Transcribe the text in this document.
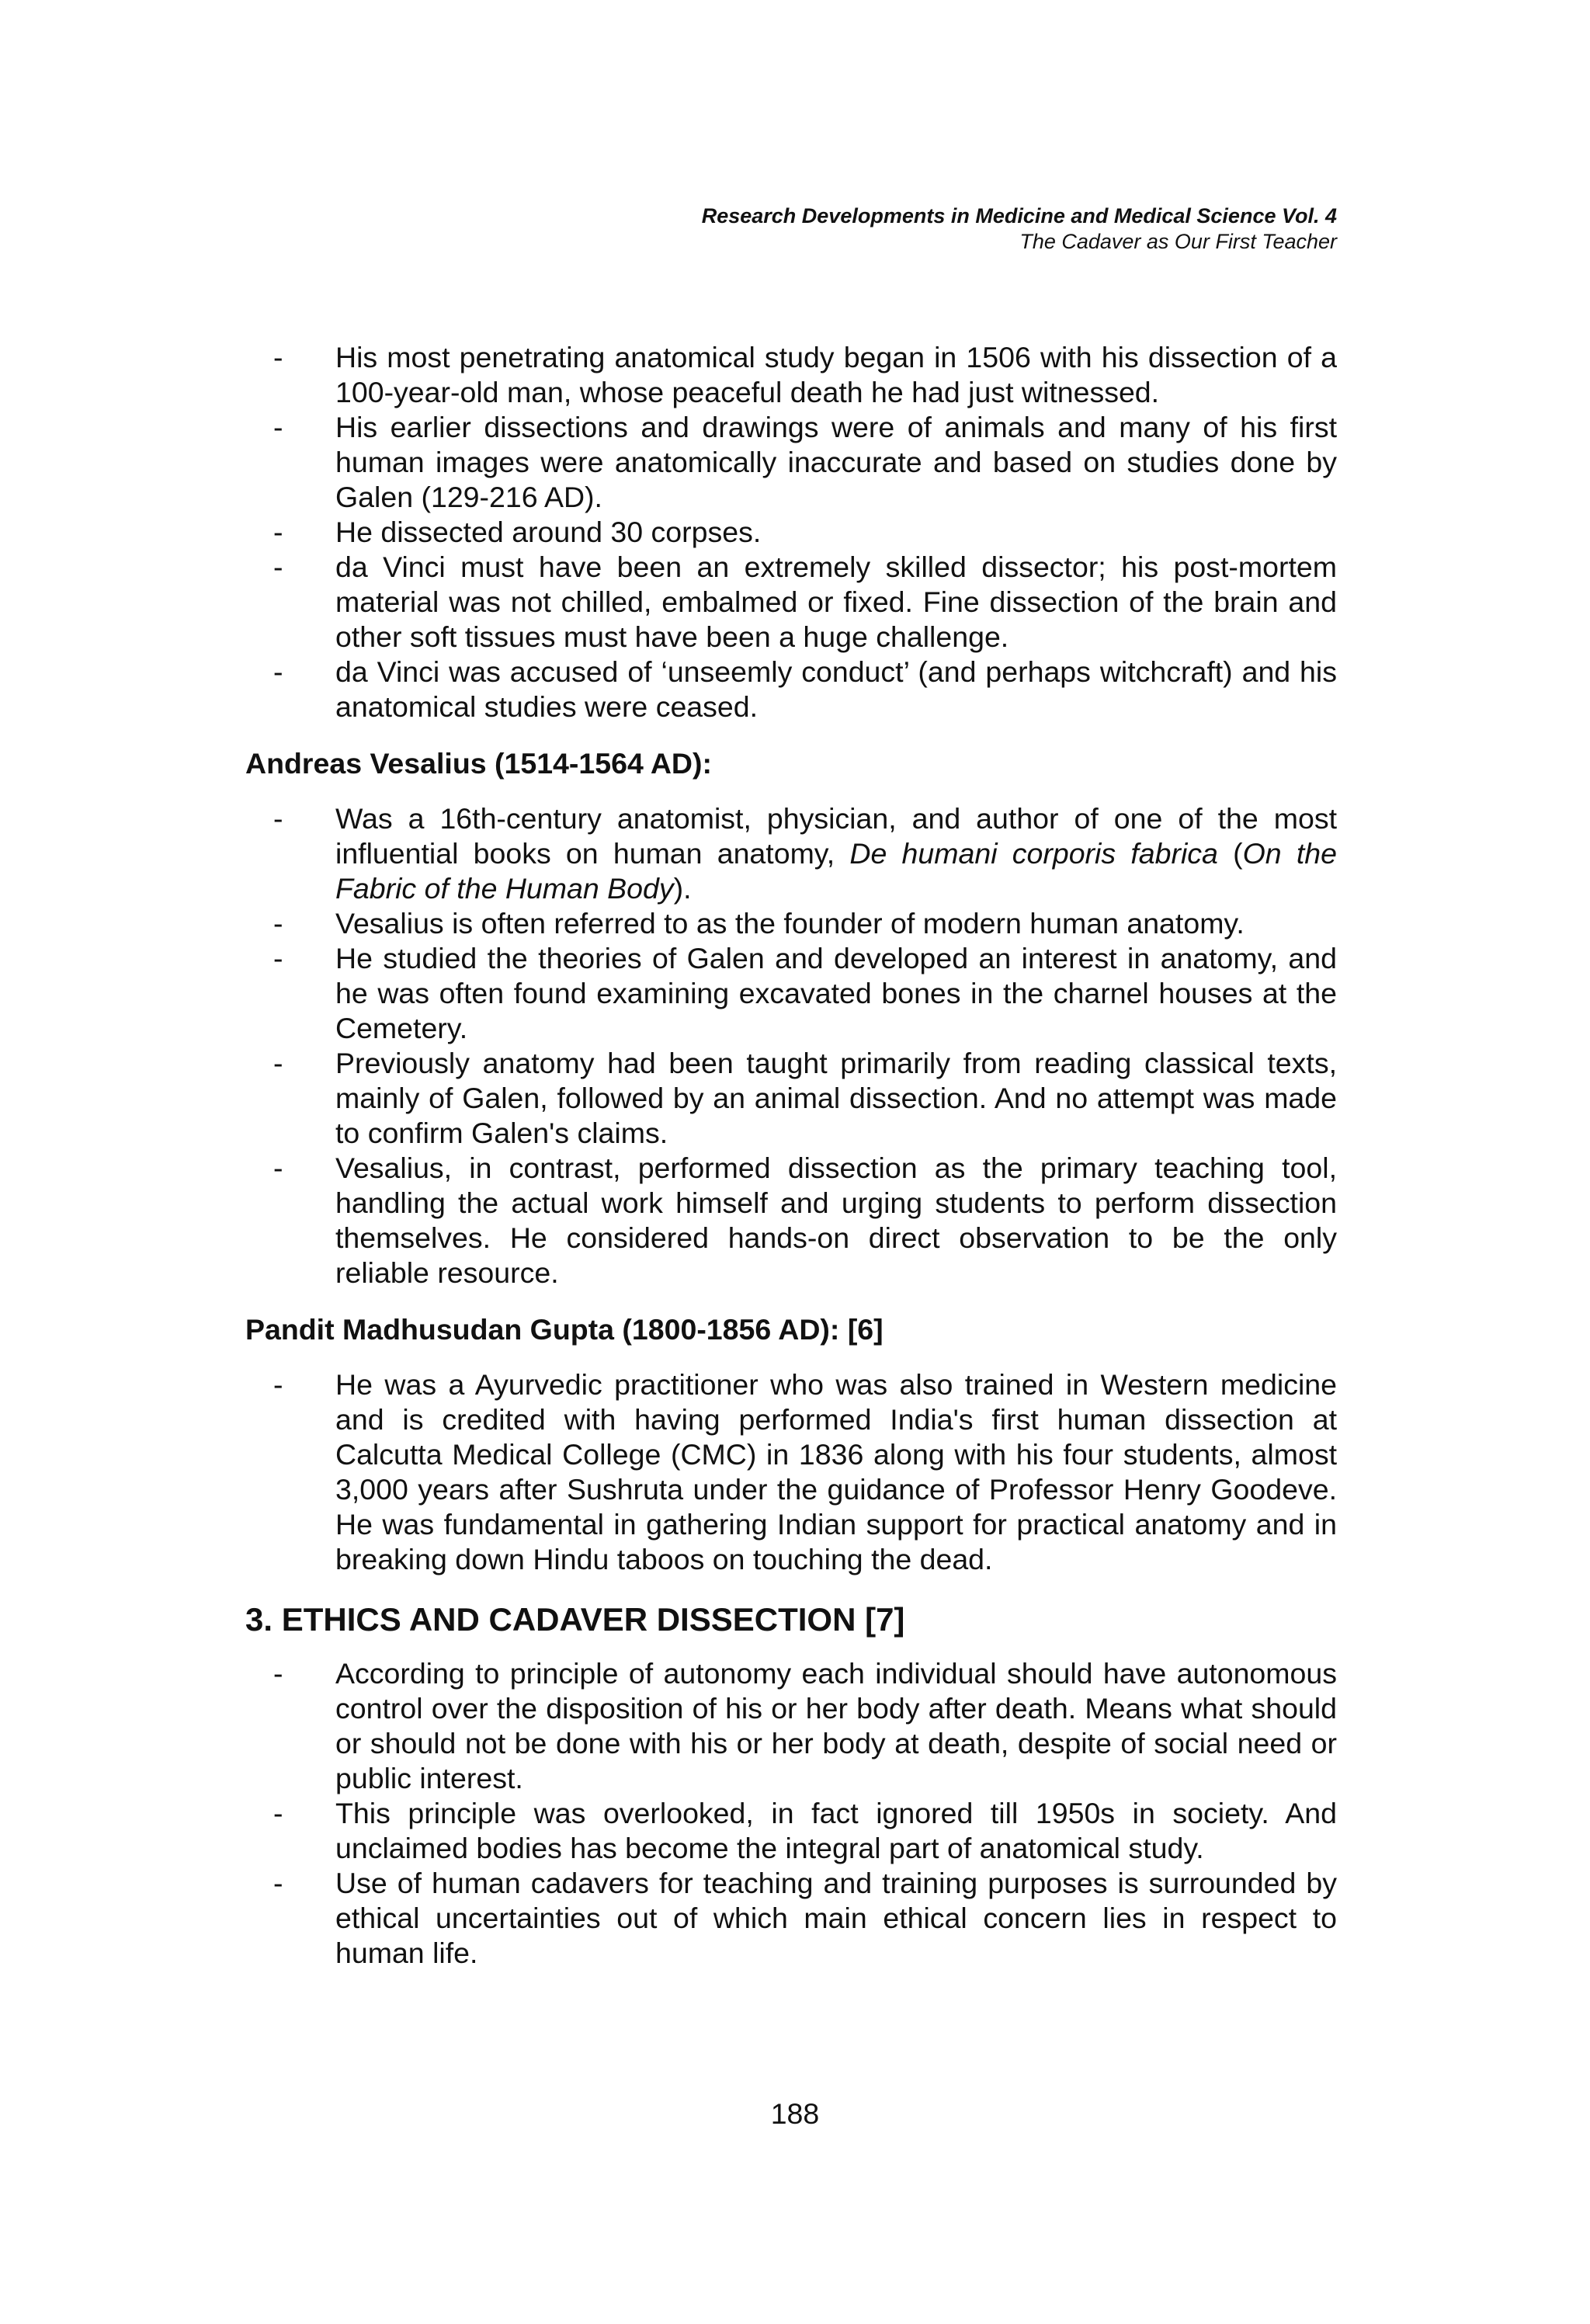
Research Developments in Medicine and Medical Science Vol. 4
The Cadaver as Our First Teacher
- His most penetrating anatomical study began in 1506 with his dissection of a 100-year-old man, whose peaceful death he had just witnessed.
- His earlier dissections and drawings were of animals and many of his first human images were anatomically inaccurate and based on studies done by Galen (129-216 AD).
- He dissected around 30 corpses.
- da Vinci must have been an extremely skilled dissector; his post-mortem material was not chilled, embalmed or fixed. Fine dissection of the brain and other soft tissues must have been a huge challenge.
- da Vinci was accused of ‘unseemly conduct’ (and perhaps witchcraft) and his anatomical studies were ceased.
Andreas Vesalius (1514-1564 AD):
- Was a 16th-century anatomist, physician, and author of one of the most influential books on human anatomy, De humani corporis fabrica (On the Fabric of the Human Body).
- Vesalius is often referred to as the founder of modern human anatomy.
- He studied the theories of Galen and developed an interest in anatomy, and he was often found examining excavated bones in the charnel houses at the Cemetery.
- Previously anatomy had been taught primarily from reading classical texts, mainly of Galen, followed by an animal dissection. And no attempt was made to confirm Galen's claims.
- Vesalius, in contrast, performed dissection as the primary teaching tool, handling the actual work himself and urging students to perform dissection themselves. He considered hands-on direct observation to be the only reliable resource.
Pandit Madhusudan Gupta (1800-1856 AD): [6]
- He was a Ayurvedic practitioner who was also trained in Western medicine and is credited with having performed India's first human dissection at Calcutta Medical College (CMC) in 1836 along with his four students, almost 3,000 years after Sushruta under the guidance of Professor Henry Goodeve. He was fundamental in gathering Indian support for practical anatomy and in breaking down Hindu taboos on touching the dead.
3. ETHICS AND CADAVER DISSECTION [7]
- According to principle of autonomy each individual should have autonomous control over the disposition of his or her body after death. Means what should or should not be done with his or her body at death, despite of social need or public interest.
- This principle was overlooked, in fact ignored till 1950s in society. And unclaimed bodies has become the integral part of anatomical study.
- Use of human cadavers for teaching and training purposes is surrounded by ethical uncertainties out of which main ethical concern lies in respect to human life.
188
